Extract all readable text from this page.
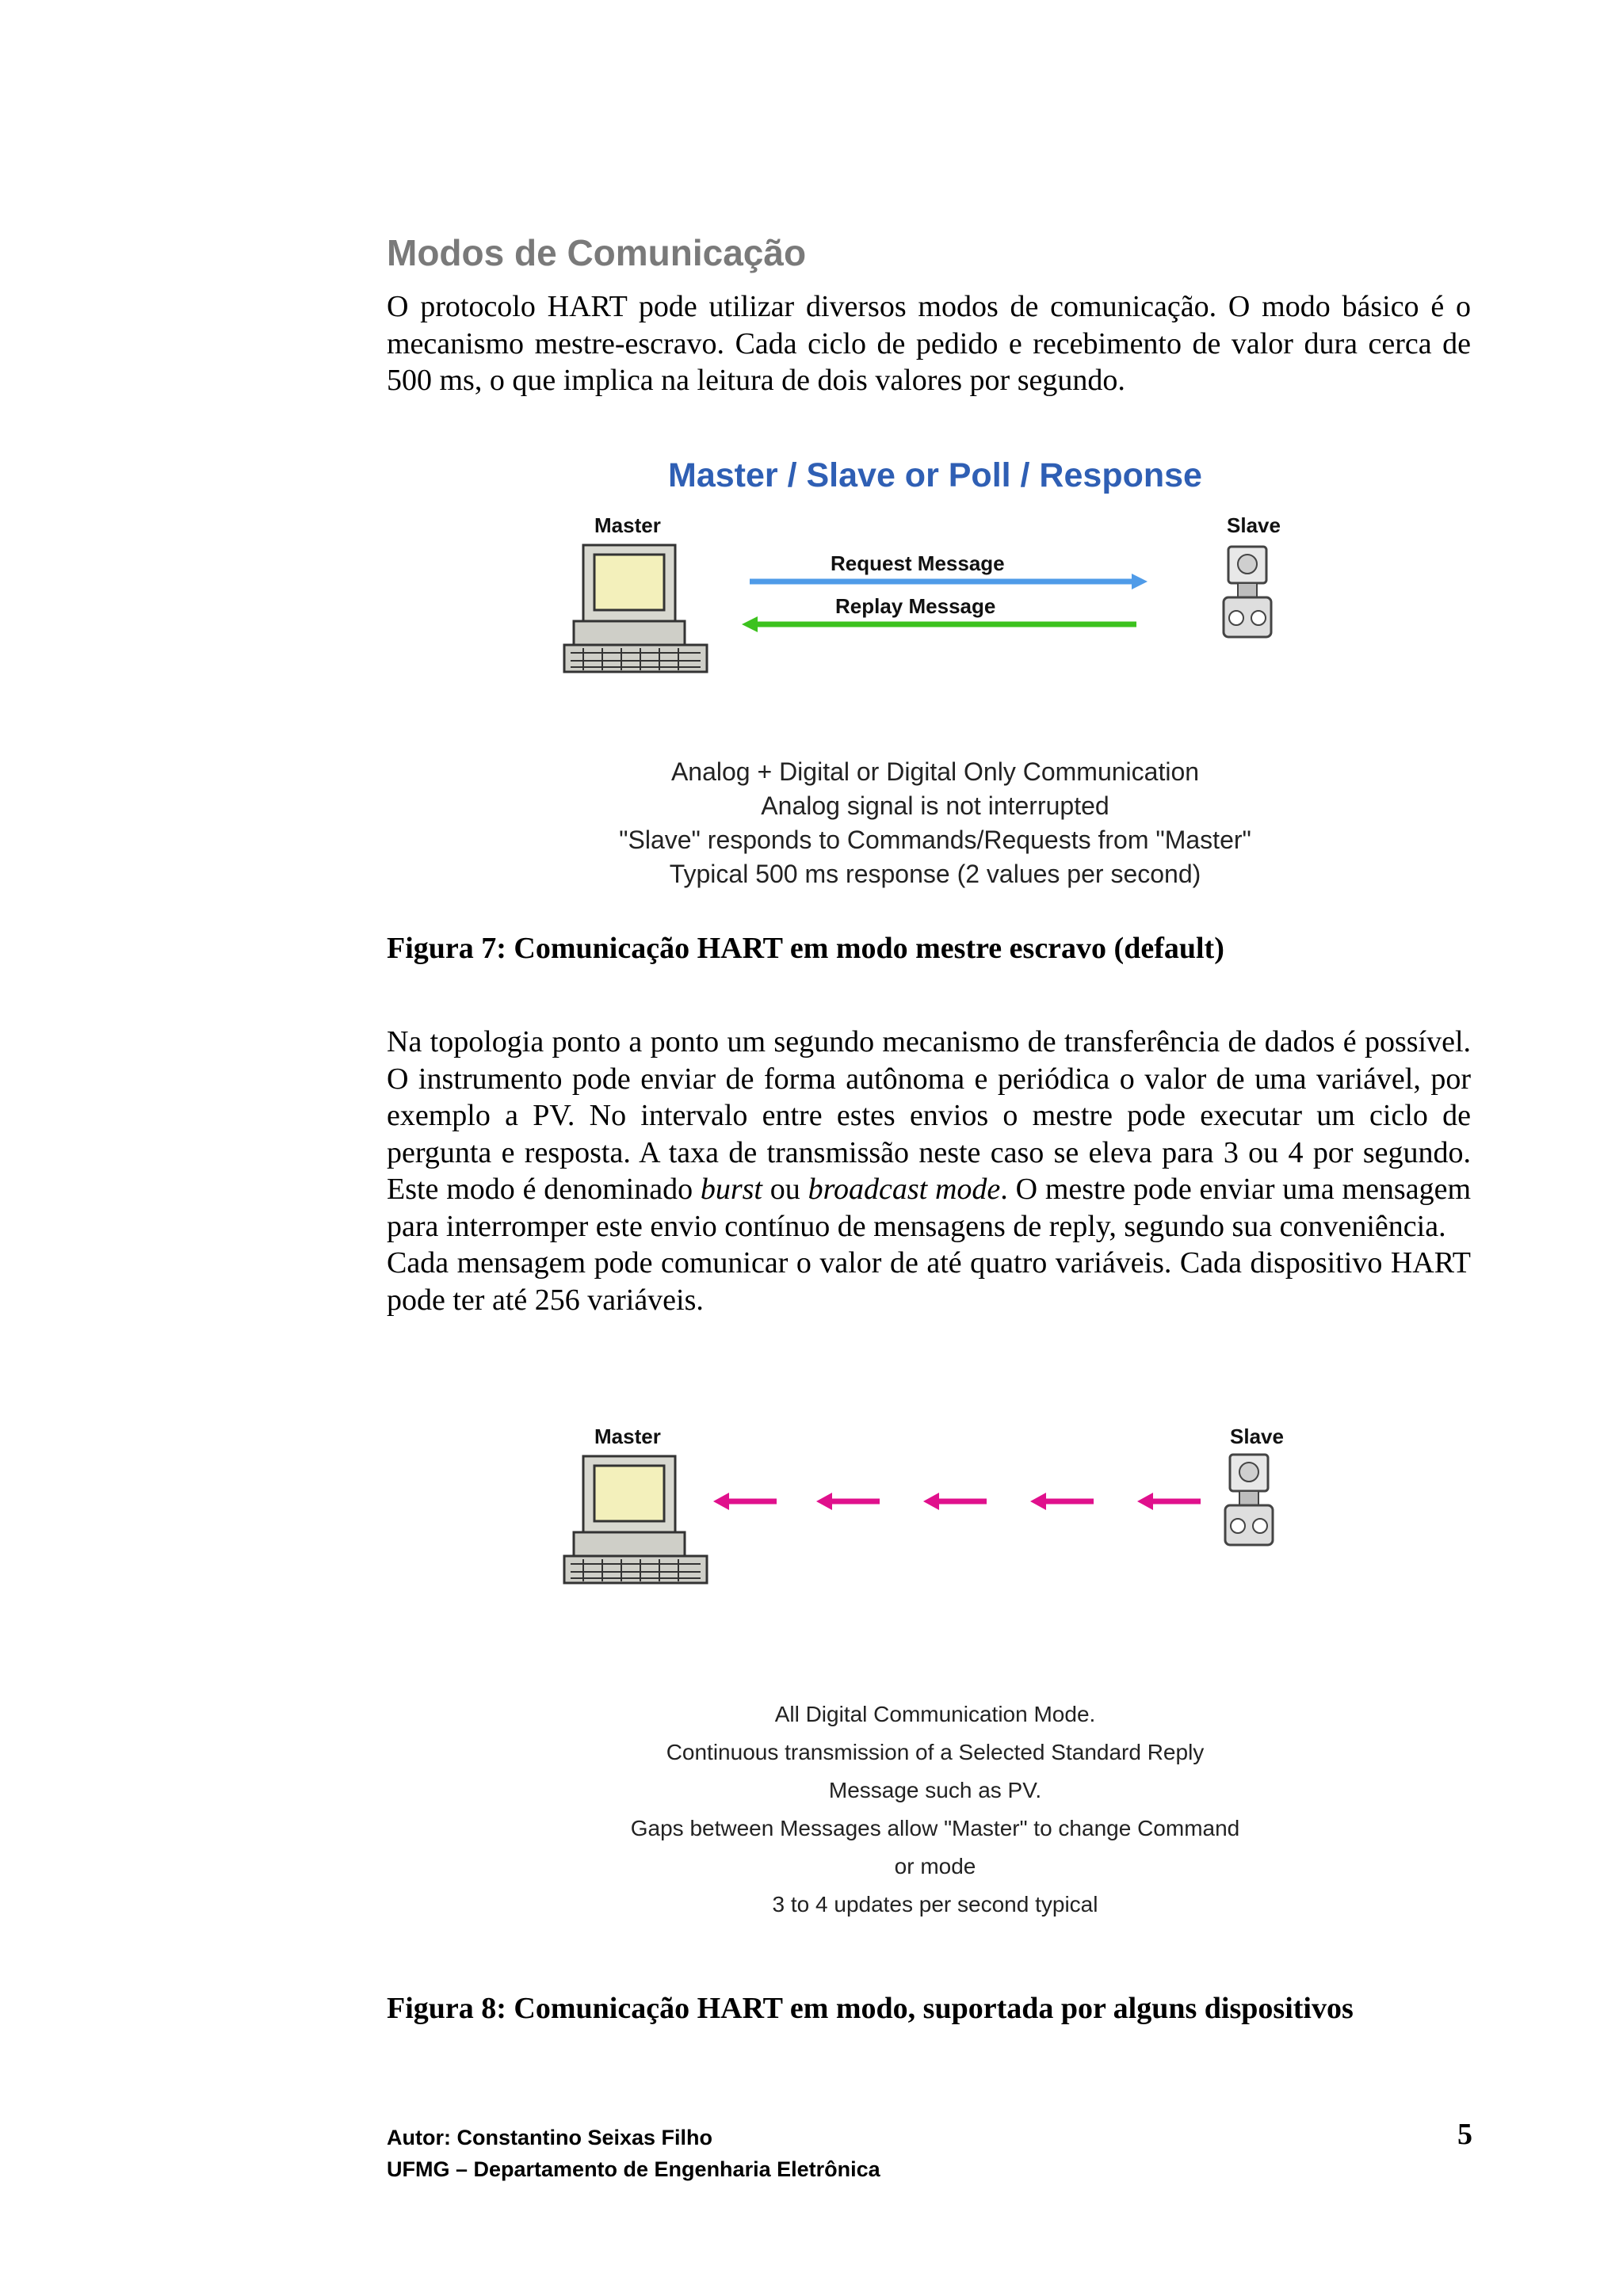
Modos de Comunicação

O protocolo HART pode utilizar diversos modos de comunicação. O modo básico é o mecanismo mestre-escravo. Cada ciclo de pedido e recebimento de valor dura cerca de 500 ms, o que implica na leitura de dois valores por segundo.

Master / Slave or Poll / Response
Master	Slave
Request Message
Replay Message
Analog + Digital or Digital Only Communication
Analog signal is not interrupted
"Slave" responds to Commands/Requests from "Master"
Typical 500 ms response (2 values per second)
Figura 7: Comunicação HART em modo mestre escravo (default)

Na topologia ponto a ponto um segundo mecanismo de transferência de dados é possível. O instrumento pode enviar de forma autônoma e periódica o valor de uma variável, por exemplo a PV. No intervalo entre estes envios o mestre pode executar um ciclo de pergunta e resposta. A taxa de transmissão neste caso se eleva para 3 ou 4 por segundo. Este modo é denominado burst ou broadcast mode. O mestre pode enviar uma mensagem para interromper este envio contínuo de mensagens de reply, segundo sua conveniência.

Cada mensagem pode comunicar o valor de até quatro variáveis. Cada dispositivo HART pode ter até 256 variáveis.

Master	Slave
All Digital Communication Mode.
Continuous transmission of a Selected Standard Reply
Message such as PV.
Gaps between Messages allow "Master" to change Command
or mode
3 to 4 updates per second typical
Figura 8: Comunicação HART em modo, suportada por alguns dispositivos
Autor: Constantino Seixas Filho
UFMG – Departamento de Engenharia Eletrônica
5
